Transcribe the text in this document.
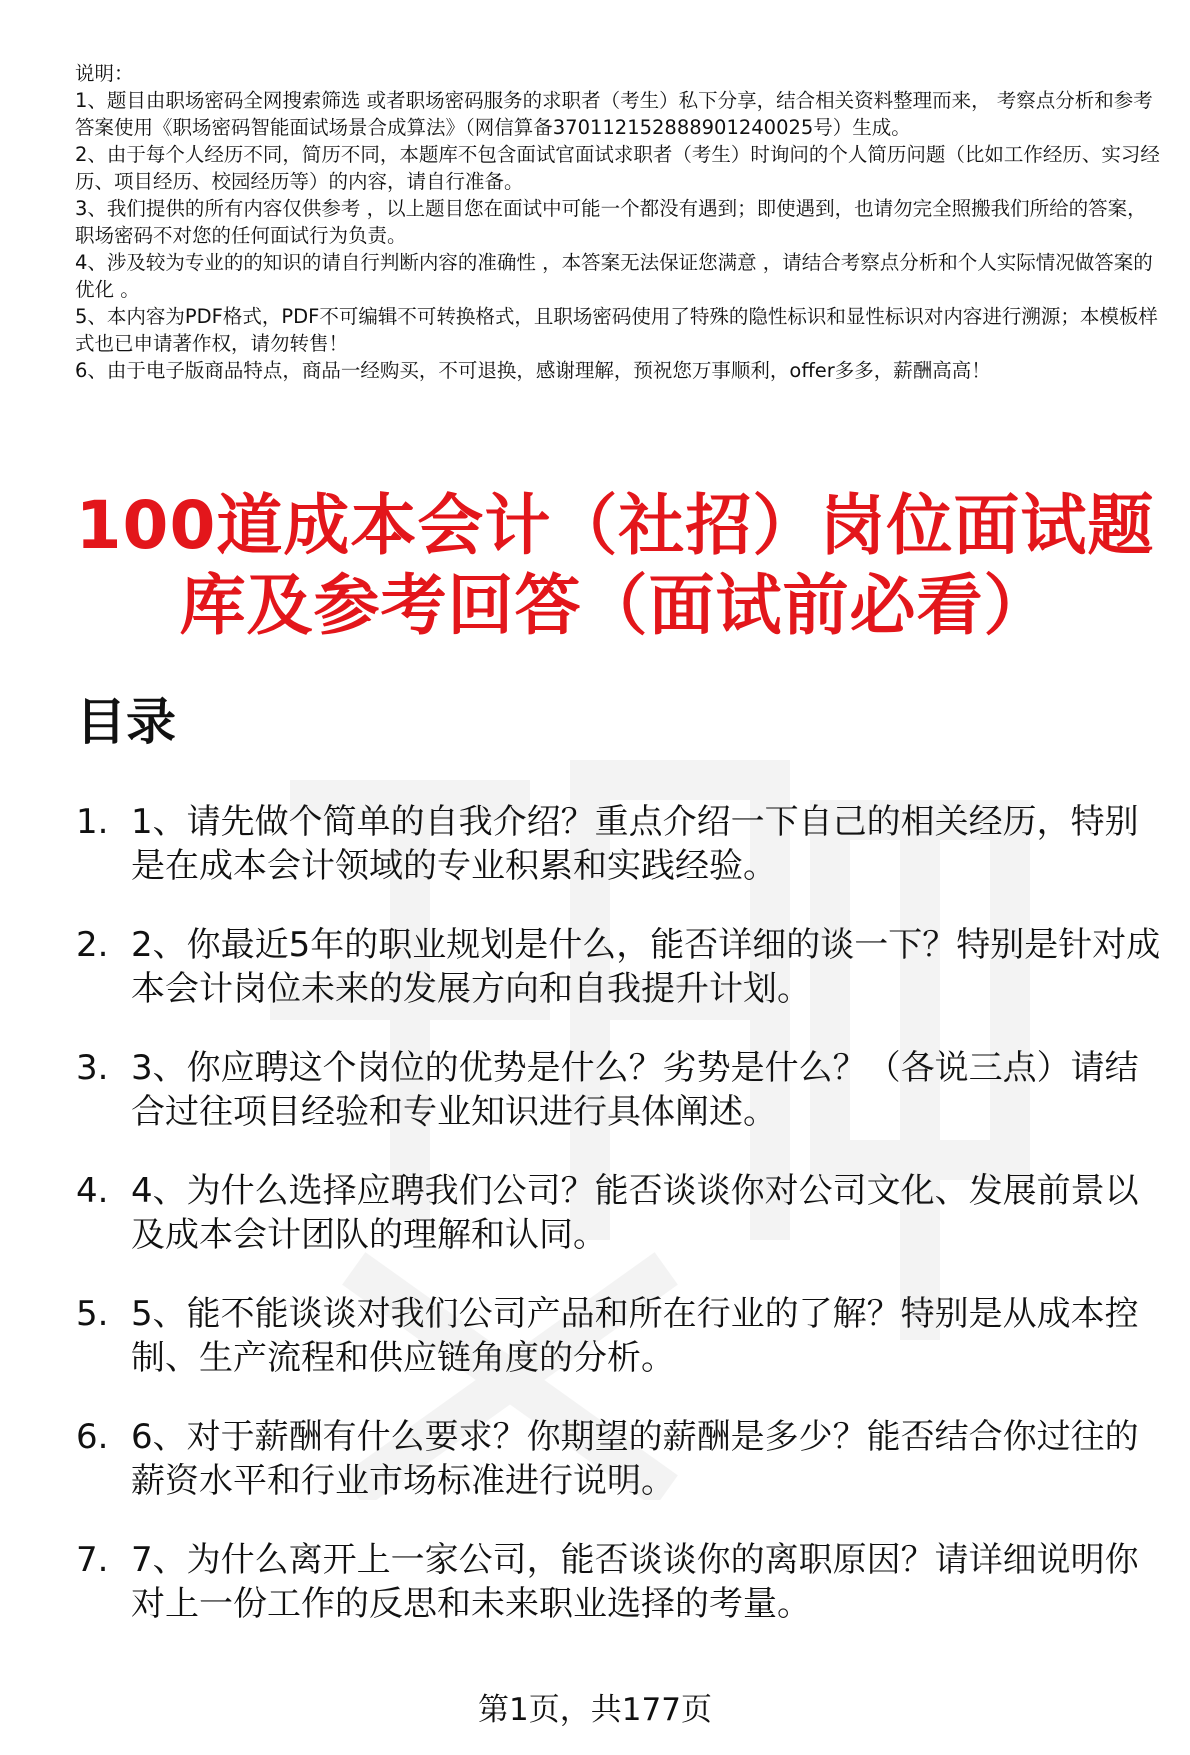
说明：

1、题目由职场密码全网搜索筛选 或者职场密码服务的求职者（考生）私下分享，结合相关资料整理而来， 考察点分析和参考答案使用《职场密码智能面试场景合成算法》（网信算备370112152888901240025号）生成。

2、由于每个人经历不同，简历不同，本题库不包含面试官面试求职者（考生）时询问的个人简历问题（比如工作经历、实习经历、项目经历、校园经历等）的内容，请自行准备。

3、我们提供的所有内容仅供参考 ，以上题目您在面试中可能一个都没有遇到；即使遇到，也请勿完全照搬我们所给的答案，职场密码不对您的任何面试行为负责。

4、涉及较为专业的的知识的请自行判断内容的准确性 ，本答案无法保证您满意 ，请结合考察点分析和个人实际情况做答案的优化 。

5、本内容为PDF格式，PDF不可编辑不可转换格式，且职场密码使用了特殊的隐性标识和显性标识对内容进行溯源；本模板样式也已申请著作权，请勿转售！

6、由于电子版商品特点，商品一经购买，不可退换，感谢理解，预祝您万事顺利，offer多多，薪酬高高！

100道成本会计（社招）岗位面试题
库及参考回答（面试前必看）
目录
1. 1、请先做个简单的自我介绍？重点介绍一下自己的相关经历，特别是在成本会计领域的专业积累和实践经验。
2. 2、你最近5年的职业规划是什么，能否详细的谈一下？特别是针对成本会计岗位未来的发展方向和自我提升计划。
3. 3、你应聘这个岗位的优势是什么？劣势是什么？（各说三点）请结合过往项目经验和专业知识进行具体阐述。
4. 4、为什么选择应聘我们公司？能否谈谈你对公司文化、发展前景以及成本会计团队的理解和认同。
5. 5、能不能谈谈对我们公司产品和所在行业的了解？特别是从成本控制、生产流程和供应链角度的分析。
6. 6、对于薪酬有什么要求？你期望的薪酬是多少？能否结合你过往的薪资水平和行业市场标准进行说明。
7. 7、为什么离开上一家公司，能否谈谈你的离职原因？请详细说明你对上一份工作的反思和未来职业选择的考量。
第1页，共177页
